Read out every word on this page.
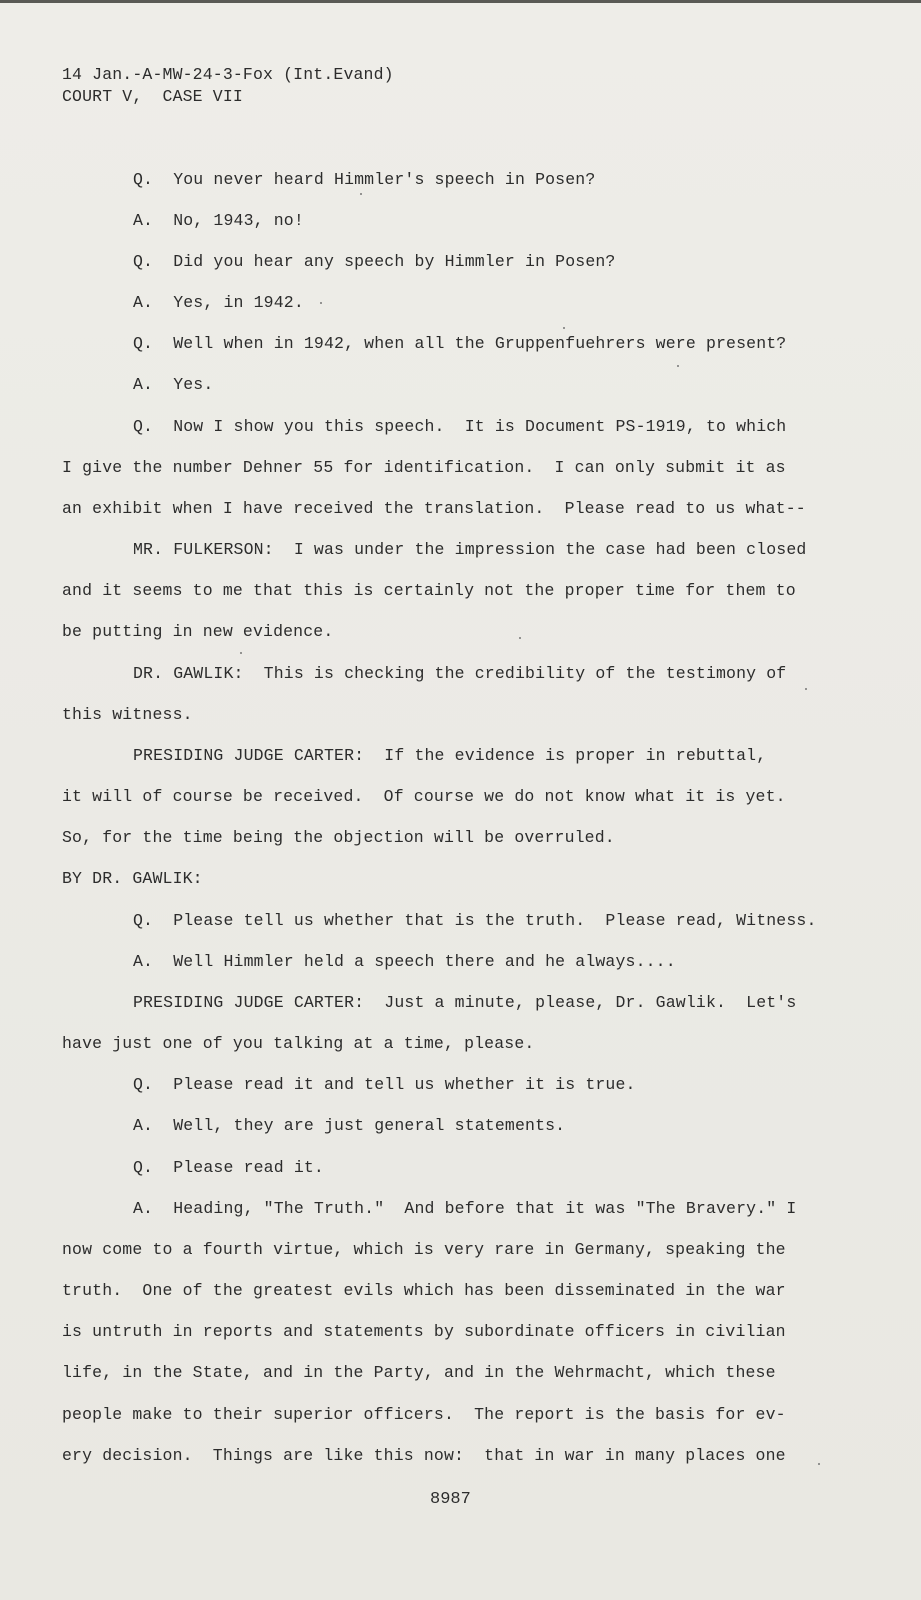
14 Jan.-A-MW-24-3-Fox (Int.Evand)
COURT V,  CASE VII
Q.  You never heard Himmler's speech in Posen?
A.  No, 1943, no!
Q.  Did you hear any speech by Himmler in Posen?
A.  Yes, in 1942.
Q.  Well when in 1942, when all the Gruppenfuehrers were present?
A.  Yes.
Q.  Now I show you this speech.  It is Document PS-1919, to which
I give the number Dehner 55 for identification.  I can only submit it as
an exhibit when I have received the translation.  Please read to us what--
MR. FULKERSON:  I was under the impression the case had been closed
and it seems to me that this is certainly not the proper time for them to
be putting in new evidence.
DR. GAWLIK:  This is checking the credibility of the testimony of
this witness.
PRESIDING JUDGE CARTER:  If the evidence is proper in rebuttal,
it will of course be received.  Of course we do not know what it is yet.
So, for the time being the objection will be overruled.
BY DR. GAWLIK:
Q.  Please tell us whether that is the truth.  Please read, Witness.
A.  Well Himmler held a speech there and he always....
PRESIDING JUDGE CARTER:  Just a minute, please, Dr. Gawlik.  Let's
have just one of you talking at a time, please.
Q.  Please read it and tell us whether it is true.
A.  Well, they are just general statements.
Q.  Please read it.
A.  Heading, "The Truth."  And before that it was "The Bravery." I
now come to a fourth virtue, which is very rare in Germany, speaking the
truth.  One of the greatest evils which has been disseminated in the war
is untruth in reports and statements by subordinate officers in civilian
life, in the State, and in the Party, and in the Wehrmacht, which these
people make to their superior officers.  The report is the basis for ev-
ery decision.  Things are like this now:  that in war in many places one
8987
